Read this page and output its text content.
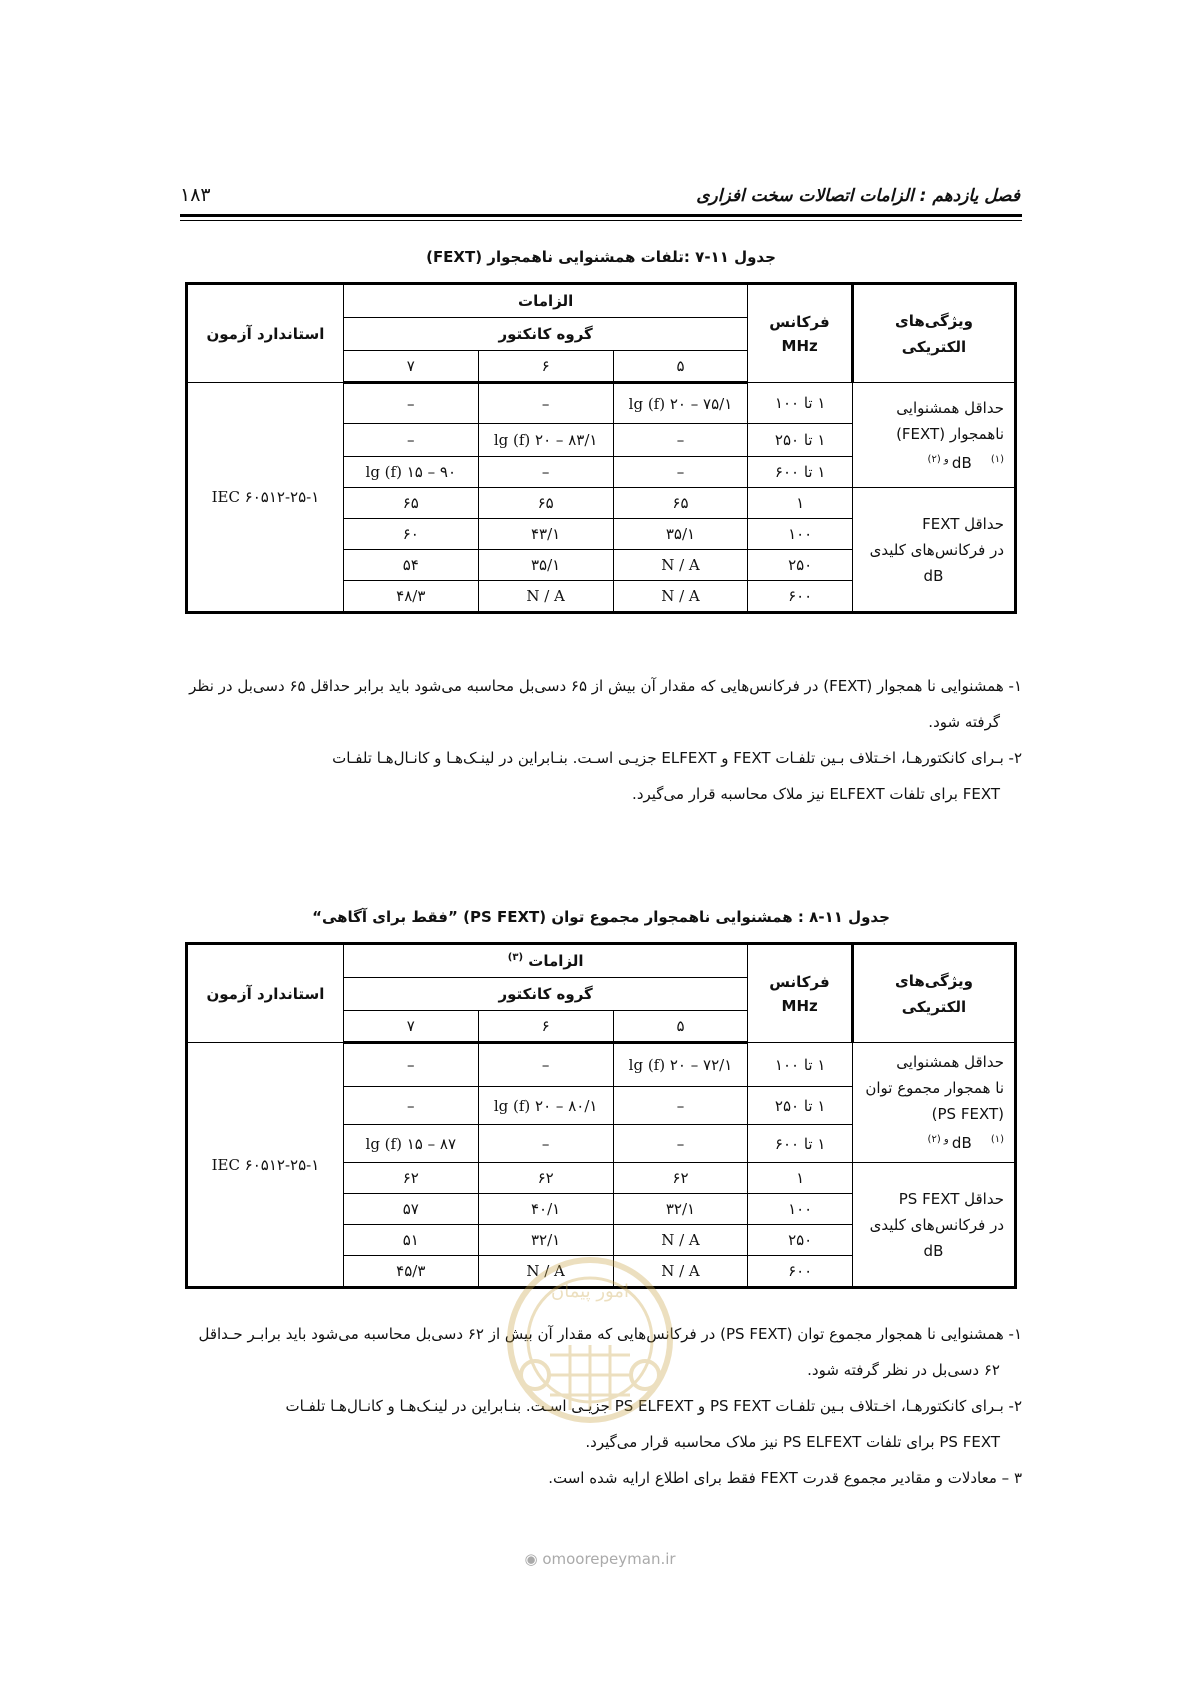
فصل یازدهم : الزامات اتصالات سخت افزاری
۱۸۳
جدول ۱۱-۷ :تلفات همشنوایی ناهمجوار (FEXT)
ویژگی‌های الکتریکی	فرکانس MHz	الزامات			استاندارد آزمون
		گروه کانکتور			
		۵	۶	۷	

حداقل همشنوایی
ناهمجوار (FEXT)
dB    $^{(۱) و (۲)}$	۱ تا ۱۰۰	۷۵/۱ – ۲۰ lg (f)	–	–	IEC ۶۰۵۱۲-۲۵-۱
	۱ تا ۲۵۰	–	۸۳/۱ – ۲۰ lg (f)	–	
	۱ تا ۶۰۰	–	–	۹۰ – ۱۵ lg (f)	

حداقل FEXT
در فرکانس‌های کلیدی
dB	۱	۶۵	۶۵	۶۵	
	۱۰۰	۳۵/۱	۴۳/۱	۶۰	
	۲۵۰	N / A	۳۵/۱	۵۴	
	۶۰۰	N / A	N / A	۴۸/۳	

۱- همشنوایی نا همجوار (FEXT) در فرکانس‌هایی که مقدار آن بیش از ۶۵ دسی‌بل محاسبه می‌شود باید برابر حداقل ۶۵ دسی‌بل در نظر

گرفته شود.

۲- بـرای کانکتورهـا، اخـتلاف بـین تلفـات FEXT و ELFEXT جزیـی اسـت. بنـابراین در لینـک‌هـا و کانـال‌هـا تلفـات

FEXT برای تلفات ELFEXT نیز ملاک محاسبه قرار می‌گیرد.

جدول ۱۱-۸ : همشنوایی ناهمجوار مجموع توان (PS FEXT) ”فقط برای آگاهی“
ویژگی‌های الکتریکی	فرکانس MHz	الزامات $^{(۳)}$			استاندارد آزمون
		گروه کانکتور			
		۵	۶	۷	

حداقل همشنوایی
نا همجوار مجموع توان
(PS FEXT)
dB    $^{(۱) و (۲)}$	۱ تا ۱۰۰	۷۲/۱ – ۲۰ lg (f)	–	–	IEC ۶۰۵۱۲-۲۵-۱
	۱ تا ۲۵۰	–	۸۰/۱ – ۲۰ lg (f)	–	
	۱ تا ۶۰۰	–	–	۸۷ – ۱۵ lg (f)	

حداقل PS FEXT
در فرکانس‌های کلیدی
dB	۱	۶۲	۶۲	۶۲	
	۱۰۰	۳۲/۱	۴۰/۱	۵۷	
	۲۵۰	N / A	۳۲/۱	۵۱	
	۶۰۰	N / A	N / A	۴۵/۳	

۱- همشنوایی نا همجوار مجموع توان (PS FEXT) در فرکانس‌هایی که مقدار آن بیش از ۶۲ دسی‌بل محاسبه می‌شود باید برابـر حـداقل

۶۲ دسی‌بل در نظر گرفته شود.

۲- بـرای کانکتورهـا، اخـتلاف بـین تلفـات PS FEXT و PS ELFEXT جزیـی اسـت. بنـابراین در لینـک‌هـا و کانـال‌هـا تلفـات

PS FEXT برای تلفات PS ELFEXT نیز ملاک محاسبه قرار می‌گیرد.

۳ – معادلات و مقادیر مجموع قدرت FEXT فقط برای اطلاع ارایه شده است.

امور پیمان
◉ omoorepeyman.ir
